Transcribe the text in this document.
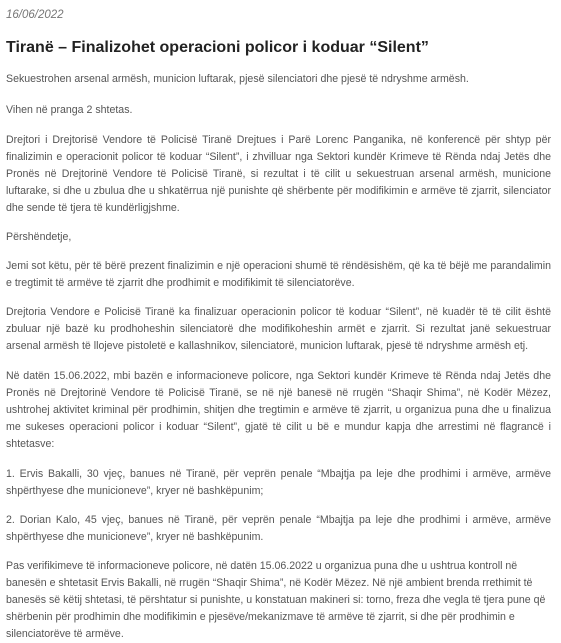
16/06/2022

Tiranë – Finalizohet operacioni policor i koduar “Silent”

Sekuestrohen arsenal armësh, municion luftarak, pjesë silenciatori dhe pjesë të ndryshme armësh.

Vihen në pranga 2 shtetas.

Drejtori i Drejtorisë Vendore të Policisë Tiranë Drejtues i Parë Lorenc Panganika, në konferencë për shtyp për finalizimin e operacionit policor të koduar “Silent”, i zhvilluar nga Sektori kundër Krimeve të Rënda ndaj Jetës dhe Pronës në Drejtorinë Vendore të Policisë Tiranë, si rezultat i të cilit u sekuestruan arsenal armësh, municione luftarake, si dhe u zbulua dhe u shkatërrua një punishte që shërbente për modifikimin e armëve të zjarrit, silenciator dhe sende të tjera të kundërligjshme.

Përshëndetje,

Jemi sot këtu, për të bërë prezent finalizimin e një operacioni shumë të rëndësishëm, që ka të bëjë me parandalimin e tregtimit të armëve të zjarrit dhe prodhimit e modifikimit të silenciatorëve.

Drejtoria Vendore e Policisë Tiranë ka finalizuar operacionin policor të koduar “Silent”, në kuadër të të cilit është zbuluar një bazë ku prodhoheshin silenciatorë dhe modifikoheshin armët e zjarrit. Si rezultat janë sekuestruar arsenal armësh të llojeve pistoletë e kallashnikov, silenciatorë, municion luftarak, pjesë të ndryshme armësh etj.

Në datën 15.06.2022, mbi bazën e informacioneve policore, nga Sektori kundër Krimeve të Rënda ndaj Jetës dhe Pronës në Drejtorinë Vendore të Policisë Tiranë, se në një banesë në rrugën “Shaqir Shima”, në Kodër Mëzez, ushtrohej aktivitet kriminal për prodhimin, shitjen dhe tregtimin e armëve të zjarrit, u organizua puna dhe u finalizua me sukeses operacioni policor i koduar “Silent”, gjatë të cilit u bë e mundur kapja dhe arrestimi në flagrancë i shtetasve:

1. Ervis Bakalli, 30 vjeç, banues në Tiranë, për veprën penale “Mbajtja pa leje dhe prodhimi i armëve, armëve shpërthyese dhe municioneve”, kryer në bashkëpunim;

2. Dorian Kalo, 45 vjeç, banues në Tiranë, për veprën penale “Mbajtja pa leje dhe prodhimi i armëve, armëve shpërthyese dhe municioneve”, kryer në bashkëpunim.

Pas verifikimeve të informacioneve policore, në datën 15.06.2022 u organizua puna dhe u ushtrua kontroll në banesën e shtetasit Ervis Bakalli, në rrugën “Shaqir Shima”, në Kodër Mëzez. Në një ambient brenda rrethimit të banesës së këtij shtetasi, të përshtatur si punishte, u konstatuan makineri si: torno, freza dhe vegla të tjera pune që shërbenin për prodhimin dhe modifikimin e pjesëve/mekanizmave të armëve të zjarrit, si dhe për prodhimin e silenciatorëve të armëve.
